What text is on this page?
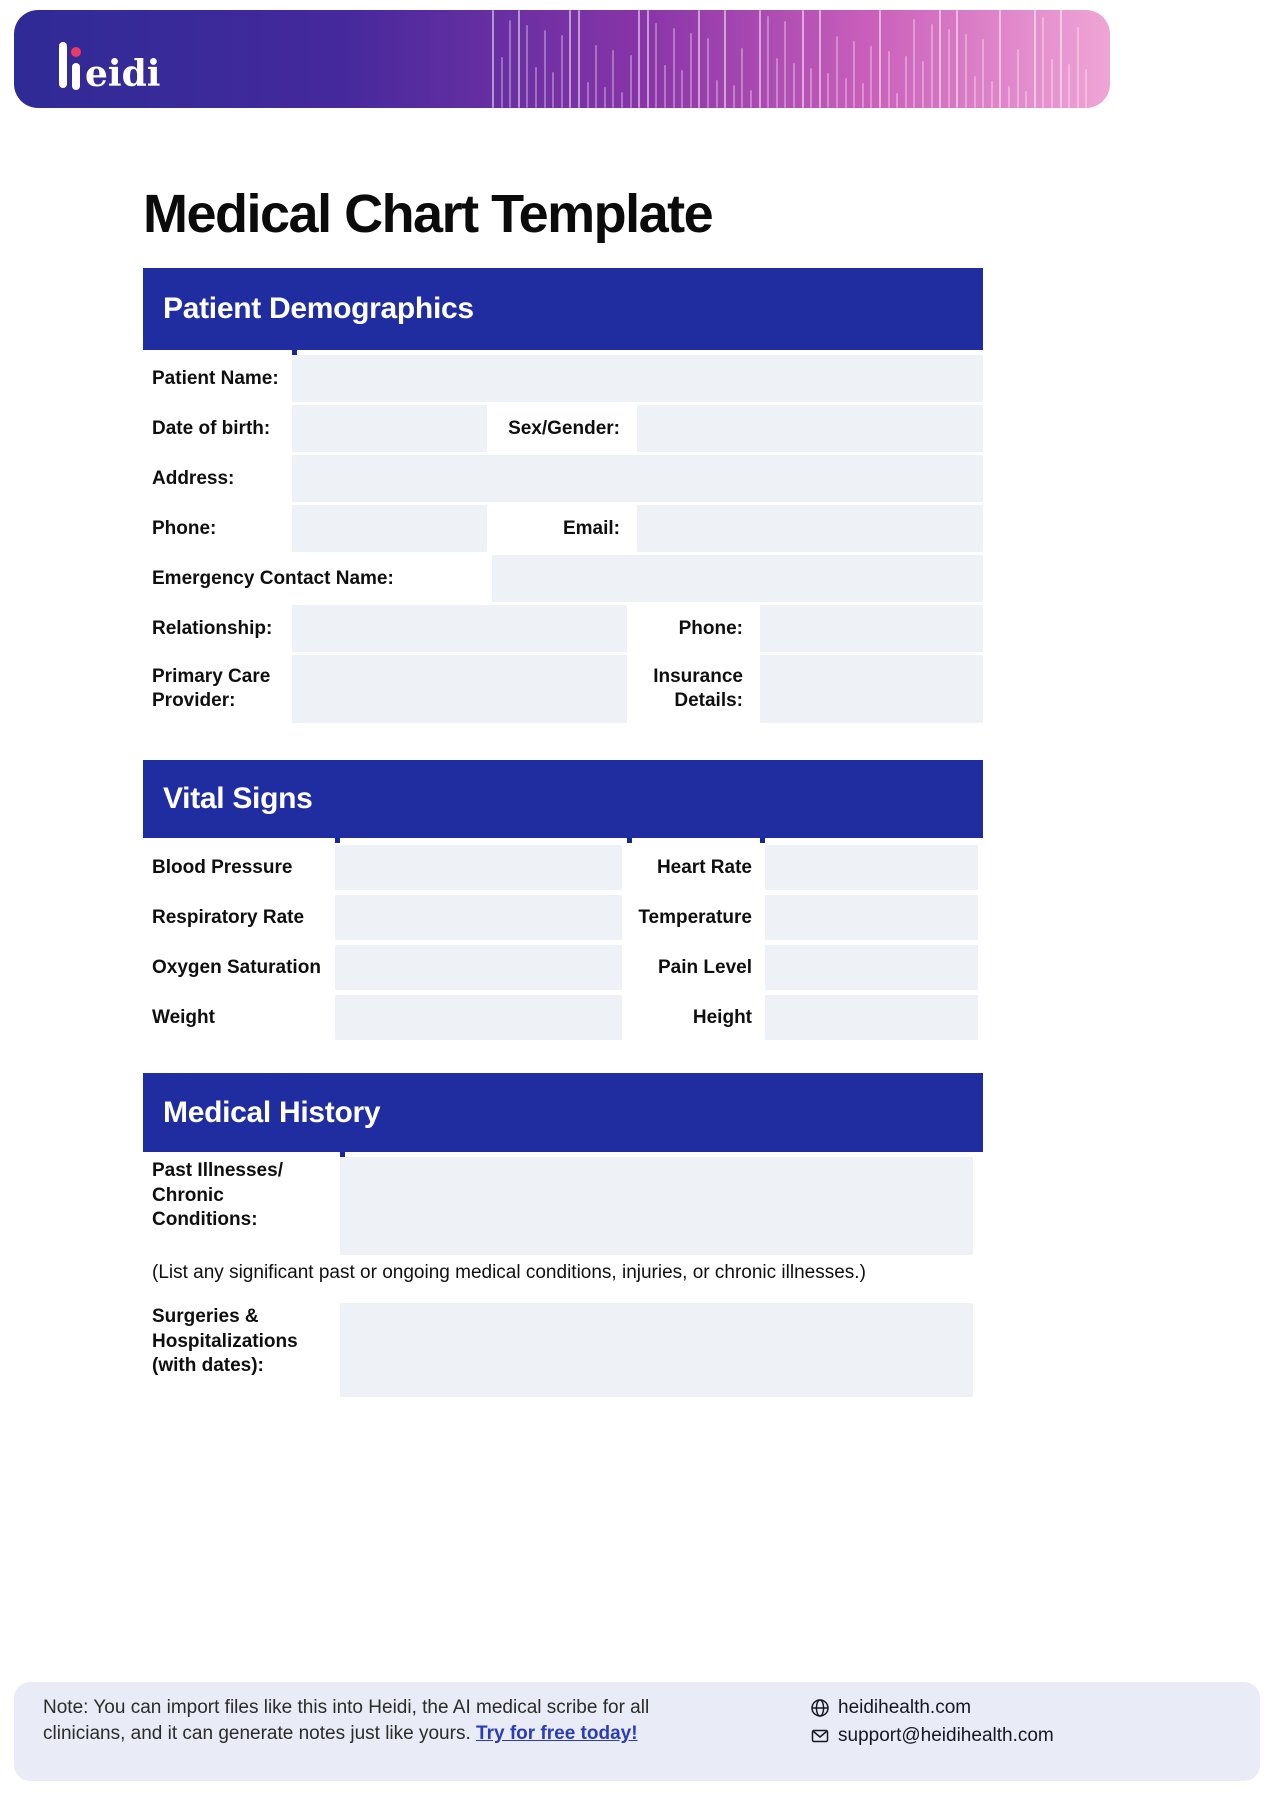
eidi
Medical Chart Template
Patient Demographics
Patient Name:
Date of birth:	Sex/Gender:
Address:
Phone:	Email:
Emergency Contact Name:
Relationship:	Phone:
Primary Care Provider:
Insurance Details:
Vital Signs
Blood Pressure	Heart Rate
Respiratory Rate	Temperature
Oxygen Saturation	Pain Level
Weight	Height
Medical History
Past Illnesses/ Chronic Conditions:
(List any significant past or ongoing medical conditions, injuries, or chronic illnesses.)
Surgeries & Hospitalizations (with dates):
Note: You can import files like this into Heidi, the AI medical scribe for all clinicians, and it can generate notes just like yours. Try for free today!
heidihealth.com
support@heidihealth.com
